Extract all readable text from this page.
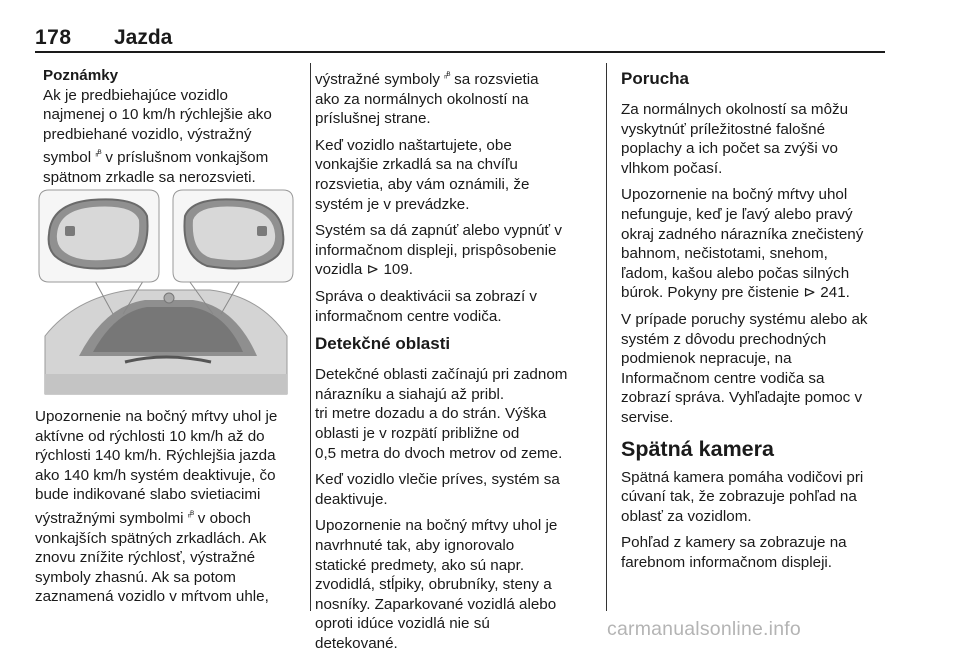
178 Jazda
Poznámky
Ak je predbiehajúce vozidlo
najmenej o 10 km/h rýchlejšie ako
predbiehané vozidlo, výstražný
symbol $^{ᵣᵢᴮ}$ v príslušnom vonkajšom
spätnom zrkadle sa nerozsvieti.
Upozornenie na bočný mŕtvy uhol je
aktívne od rýchlosti 10 km/h až do
rýchlosti 140 km/h. Rýchlejšia jazda
ako 140 km/h systém deaktivuje, čo
bude indikované slabo svietiacimi
výstražnými symbolmi $^{ᵣᵢᴮ}$ v oboch
vonkajších spätných zrkadlách. Ak
znovu znížite rýchlosť, výstražné
symboly zhasnú. Ak sa potom
zaznamená vozidlo v mŕtvom uhle,

výstražné symboly $^{ᵣᵢᴮ}$ sa rozsvietia
ako za normálnych okolností na
príslušnej strane.

Keď vozidlo naštartujete, obe
vonkajšie zrkadlá sa na chvíľu
rozsvietia, aby vám oznámili, že
systém je v prevádzke.

Systém sa dá zapnúť alebo vypnúť v
informačnom displeji, prispôsobenie
vozidla ⊳ 109.

Správa o deaktivácii sa zobrazí v
informačnom centre vodiča.

Detekčné oblasti

Detekčné oblasti začínajú pri zadnom
nárazníku a siahajú až pribl.
tri metre dozadu a do strán. Výška
oblasti je v rozpätí približne od
0,5 metra do dvoch metrov od zeme.

Keď vozidlo vlečie príves, systém sa
deaktivuje.

Upozornenie na bočný mŕtvy uhol je
navrhnuté tak, aby ignorovalo
statické predmety, ako sú napr.
zvodidlá, stĺpiky, obrubníky, steny a
nosníky. Zaparkované vozidlá alebo
oproti idúce vozidlá nie sú
detekované.

Porucha

Za normálnych okolností sa môžu
vyskytnúť príležitostné falošné
poplachy a ich počet sa zvýši vo
vlhkom počasí.

Upozornenie na bočný mŕtvy uhol
nefunguje, keď je ľavý alebo pravý
okraj zadného nárazníka znečistený
bahnom, nečistotami, snehom,
ľadom, kašou alebo počas silných
búrok. Pokyny pre čistenie ⊳ 241.

V prípade poruchy systému alebo ak
systém z dôvodu prechodných
podmienok nepracuje, na
Informačnom centre vodiča sa
zobrazí správa. Vyhľadajte pomoc v
servise.

Spätná kamera

Spätná kamera pomáha vodičovi pri
cúvaní tak, že zobrazuje pohľad na
oblasť za vozidlom.

Pohľad z kamery sa zobrazuje na
farebnom informačnom displeji.

carmanualsonline.info
